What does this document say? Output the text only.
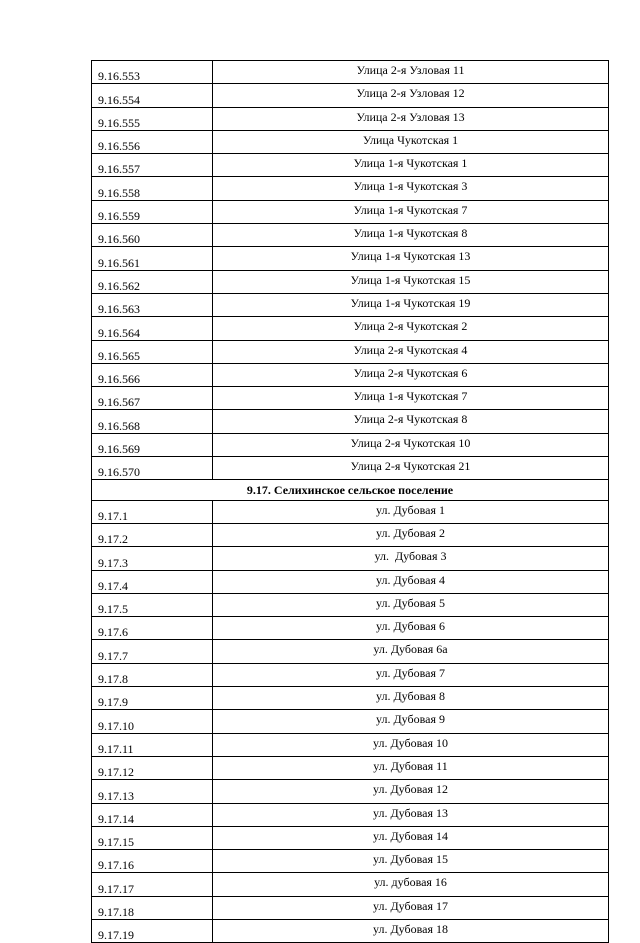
9.16.553	Улица 2-я Узловая 11
9.16.554	Улица 2-я Узловая 12
9.16.555	Улица 2-я Узловая 13
9.16.556	Улица Чукотская 1
9.16.557	Улица 1-я Чукотская 1
9.16.558	Улица 1-я Чукотская 3
9.16.559	Улица 1-я Чукотская 7
9.16.560	Улица 1-я Чукотская 8
9.16.561	Улица 1-я Чукотская 13
9.16.562	Улица 1-я Чукотская 15
9.16.563	Улица 1-я Чукотская 19
9.16.564	Улица 2-я Чукотская 2
9.16.565	Улица 2-я Чукотская 4
9.16.566	Улица 2-я Чукотская 6
9.16.567	Улица 1-я Чукотская 7
9.16.568	Улица 2-я Чукотская 8
9.16.569	Улица 2-я Чукотская 10
9.16.570	Улица 2-я Чукотская 21
9.17. Селихинское сельское поселение	
9.17.1	ул. Дубовая 1
9.17.2	ул. Дубовая 2
9.17.3	ул.  Дубовая 3
9.17.4	ул. Дубовая 4
9.17.5	ул. Дубовая 5
9.17.6	ул. Дубовая 6
9.17.7	ул. Дубовая 6а
9.17.8	ул. Дубовая 7
9.17.9	ул. Дубовая 8
9.17.10	ул. Дубовая 9
9.17.11	ул. Дубовая 10
9.17.12	ул. Дубовая 11
9.17.13	ул. Дубовая 12
9.17.14	ул. Дубовая 13
9.17.15	ул. Дубовая 14
9.17.16	ул. Дубовая 15
9.17.17	ул. дубовая 16
9.17.18	ул. Дубовая 17
9.17.19	ул. Дубовая 18
